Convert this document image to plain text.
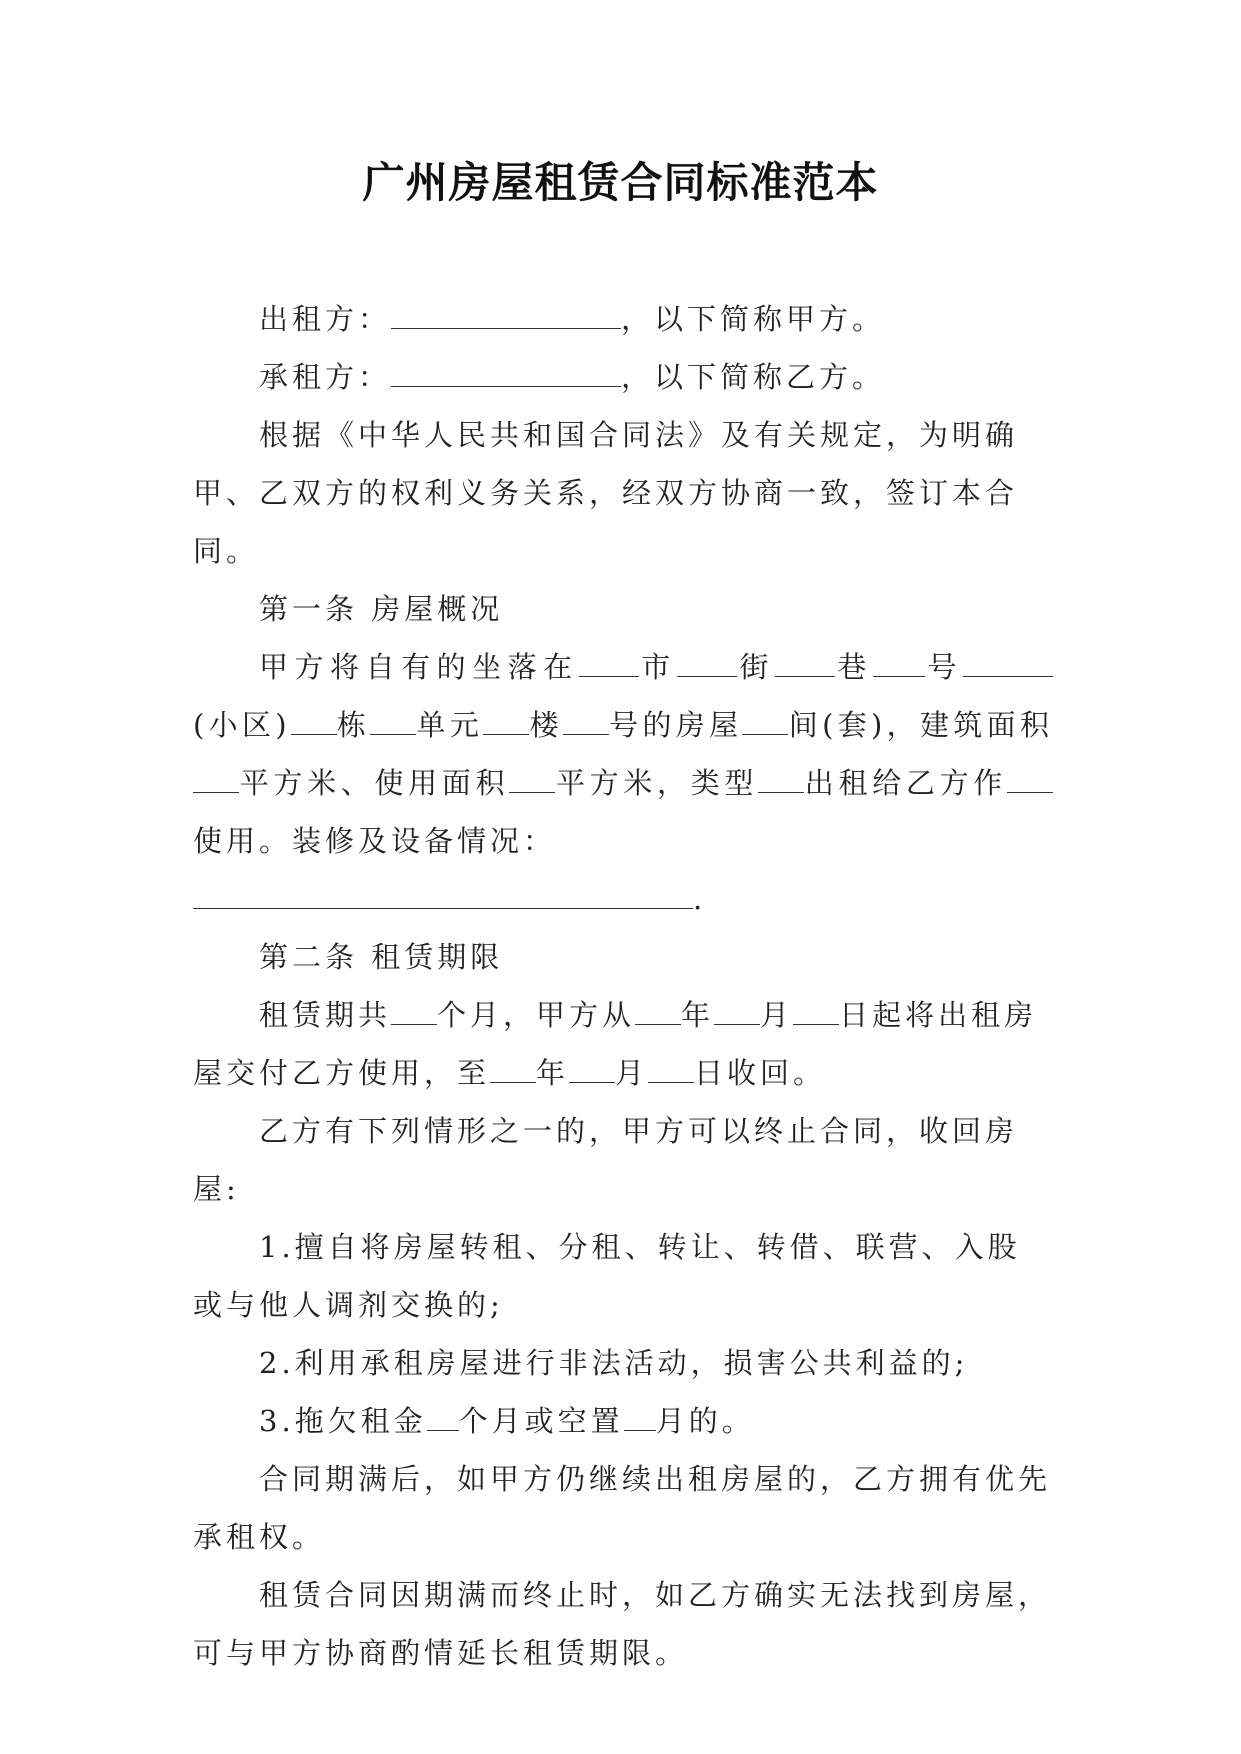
广州房屋租赁合同标准范本

出租方：	，以下简称甲方。

承租方：	，以下简称乙方。

根据《中华人民共和国合同法》及有关规定，为明确甲、乙双方的权利义务关系，经双方协商一致，签订本合同。

第一条 房屋概况

甲方将自有的坐落在 市 街 巷 号(小区) 栋 单元 楼 号的房屋 间(套)，建筑面积平方米、使用面积 平方米，类型 出租给乙方作使用。装修及设备情况：
.

第二条 租赁期限

租赁期共 个月，甲方从 年 月 日起将出租房屋交付乙方使用，至 年 月 日收回。

乙方有下列情形之一的，甲方可以终止合同，收回房屋:

1.擅自将房屋转租、分租、转让、转借、联营、入股或与他人调剂交换的;

2.利用承租房屋进行非法活动，损害公共利益的;

3.拖欠租金 个月或空置 月的。

合同期满后，如甲方仍继续出租房屋的，乙方拥有优先承租权。

租赁合同因期满而终止时，如乙方确实无法找到房屋，可与甲方协商酌情延长租赁期限。
